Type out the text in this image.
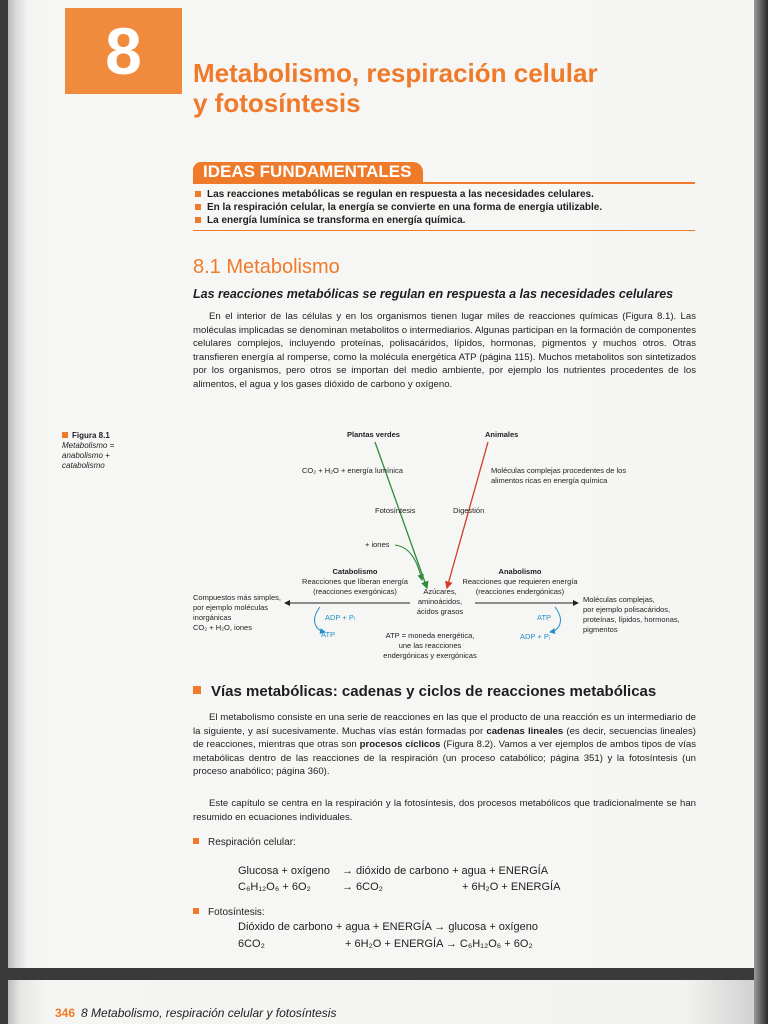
8	Metabolismo, respiración celular
y fotosíntesis
IDEAS FUNDAMENTALES
Las reacciones metabólicas se regulan en respuesta a las necesidades celulares.
En la respiración celular, la energía se convierte en una forma de energía utilizable.
La energía lumínica se transforma en energía química.
8.1 Metabolismo
Las reacciones metabólicas se regulan en respuesta a las necesidades celulares

En el interior de las células y en los organismos tienen lugar miles de reacciones químicas (Figura 8.1). Las moléculas implicadas se denominan metabolitos o intermediarios. Algunas participan en la formación de componentes celulares complejos, incluyendo proteínas, polisacáridos, lípidos, hormonas, pigmentos y muchos otros. Otras transfieren energía al romperse, como la molécula energética ATP (página 115). Muchos metabolitos son sintetizados por los organismos, pero otros se importan del medio ambiente, por ejemplo los nutrientes procedentes de los alimentos, el agua y los gases dióxido de carbono y oxígeno.

Figura 8.1
Metabolismo =
anabolismo +
catabolismo
Plantas verdes	Animales
CO₂ + H₂O + energía lumínica	Moléculas complejas procedentes de los
alimentos ricas en energía química
Fotosíntesis	Digestión
+ iones
Catabolismo
Reacciones que liberan energía
(reacciones exergónicas)
Anabolismo
Reacciones que requieren energía
(reacciones endergónicas)
Azúcares,
aminoácidos,
ácidos grasos
Compuestos más simples,
por ejemplo moléculas
inorgánicas
CO₂ + H₂O, iones
Moléculas complejas,
por ejemplo polisacáridos,
proteínas, lípidos, hormonas,
pigmentos
ADP + Pᵢ
ATP
ATP
ADP + Pᵢ
ATP = moneda energética,
une las reacciones
endergónicas y exergónicas
Vías metabólicas: cadenas y ciclos de reacciones metabólicas

El metabolismo consiste en una serie de reacciones en las que el producto de una reacción es un intermediario de la siguiente, y así sucesivamente. Muchas vías están formadas por cadenas lineales (es decir, secuencias lineales) de reacciones, mientras que otras son procesos cíclicos (Figura 8.2). Vamos a ver ejemplos de ambos tipos de vías metabólicas dentro de las reacciones de la respiración (un proceso catabólico; página 351) y la fotosíntesis (un proceso anabólico; página 360).

Este capítulo se centra en la respiración y la fotosíntesis, dos procesos metabólicos que tradicionalmente se han resumido en ecuaciones individuales.

Respiración celular:
Glucosa + oxígeno → dióxido de carbono + agua + ENERGÍA
C₆H₁₂O₆ + 6O₂	→ 6CO₂	+ 6H₂O + ENERGÍA
Fotosíntesis:
Dióxido de carbono + agua + ENERGÍA → glucosa + oxígeno
6CO₂	+ 6H₂O + ENERGÍA → C₆H₁₂O₆ + 6O₂
346 8 Metabolismo, respiración celular y fotosíntesis
